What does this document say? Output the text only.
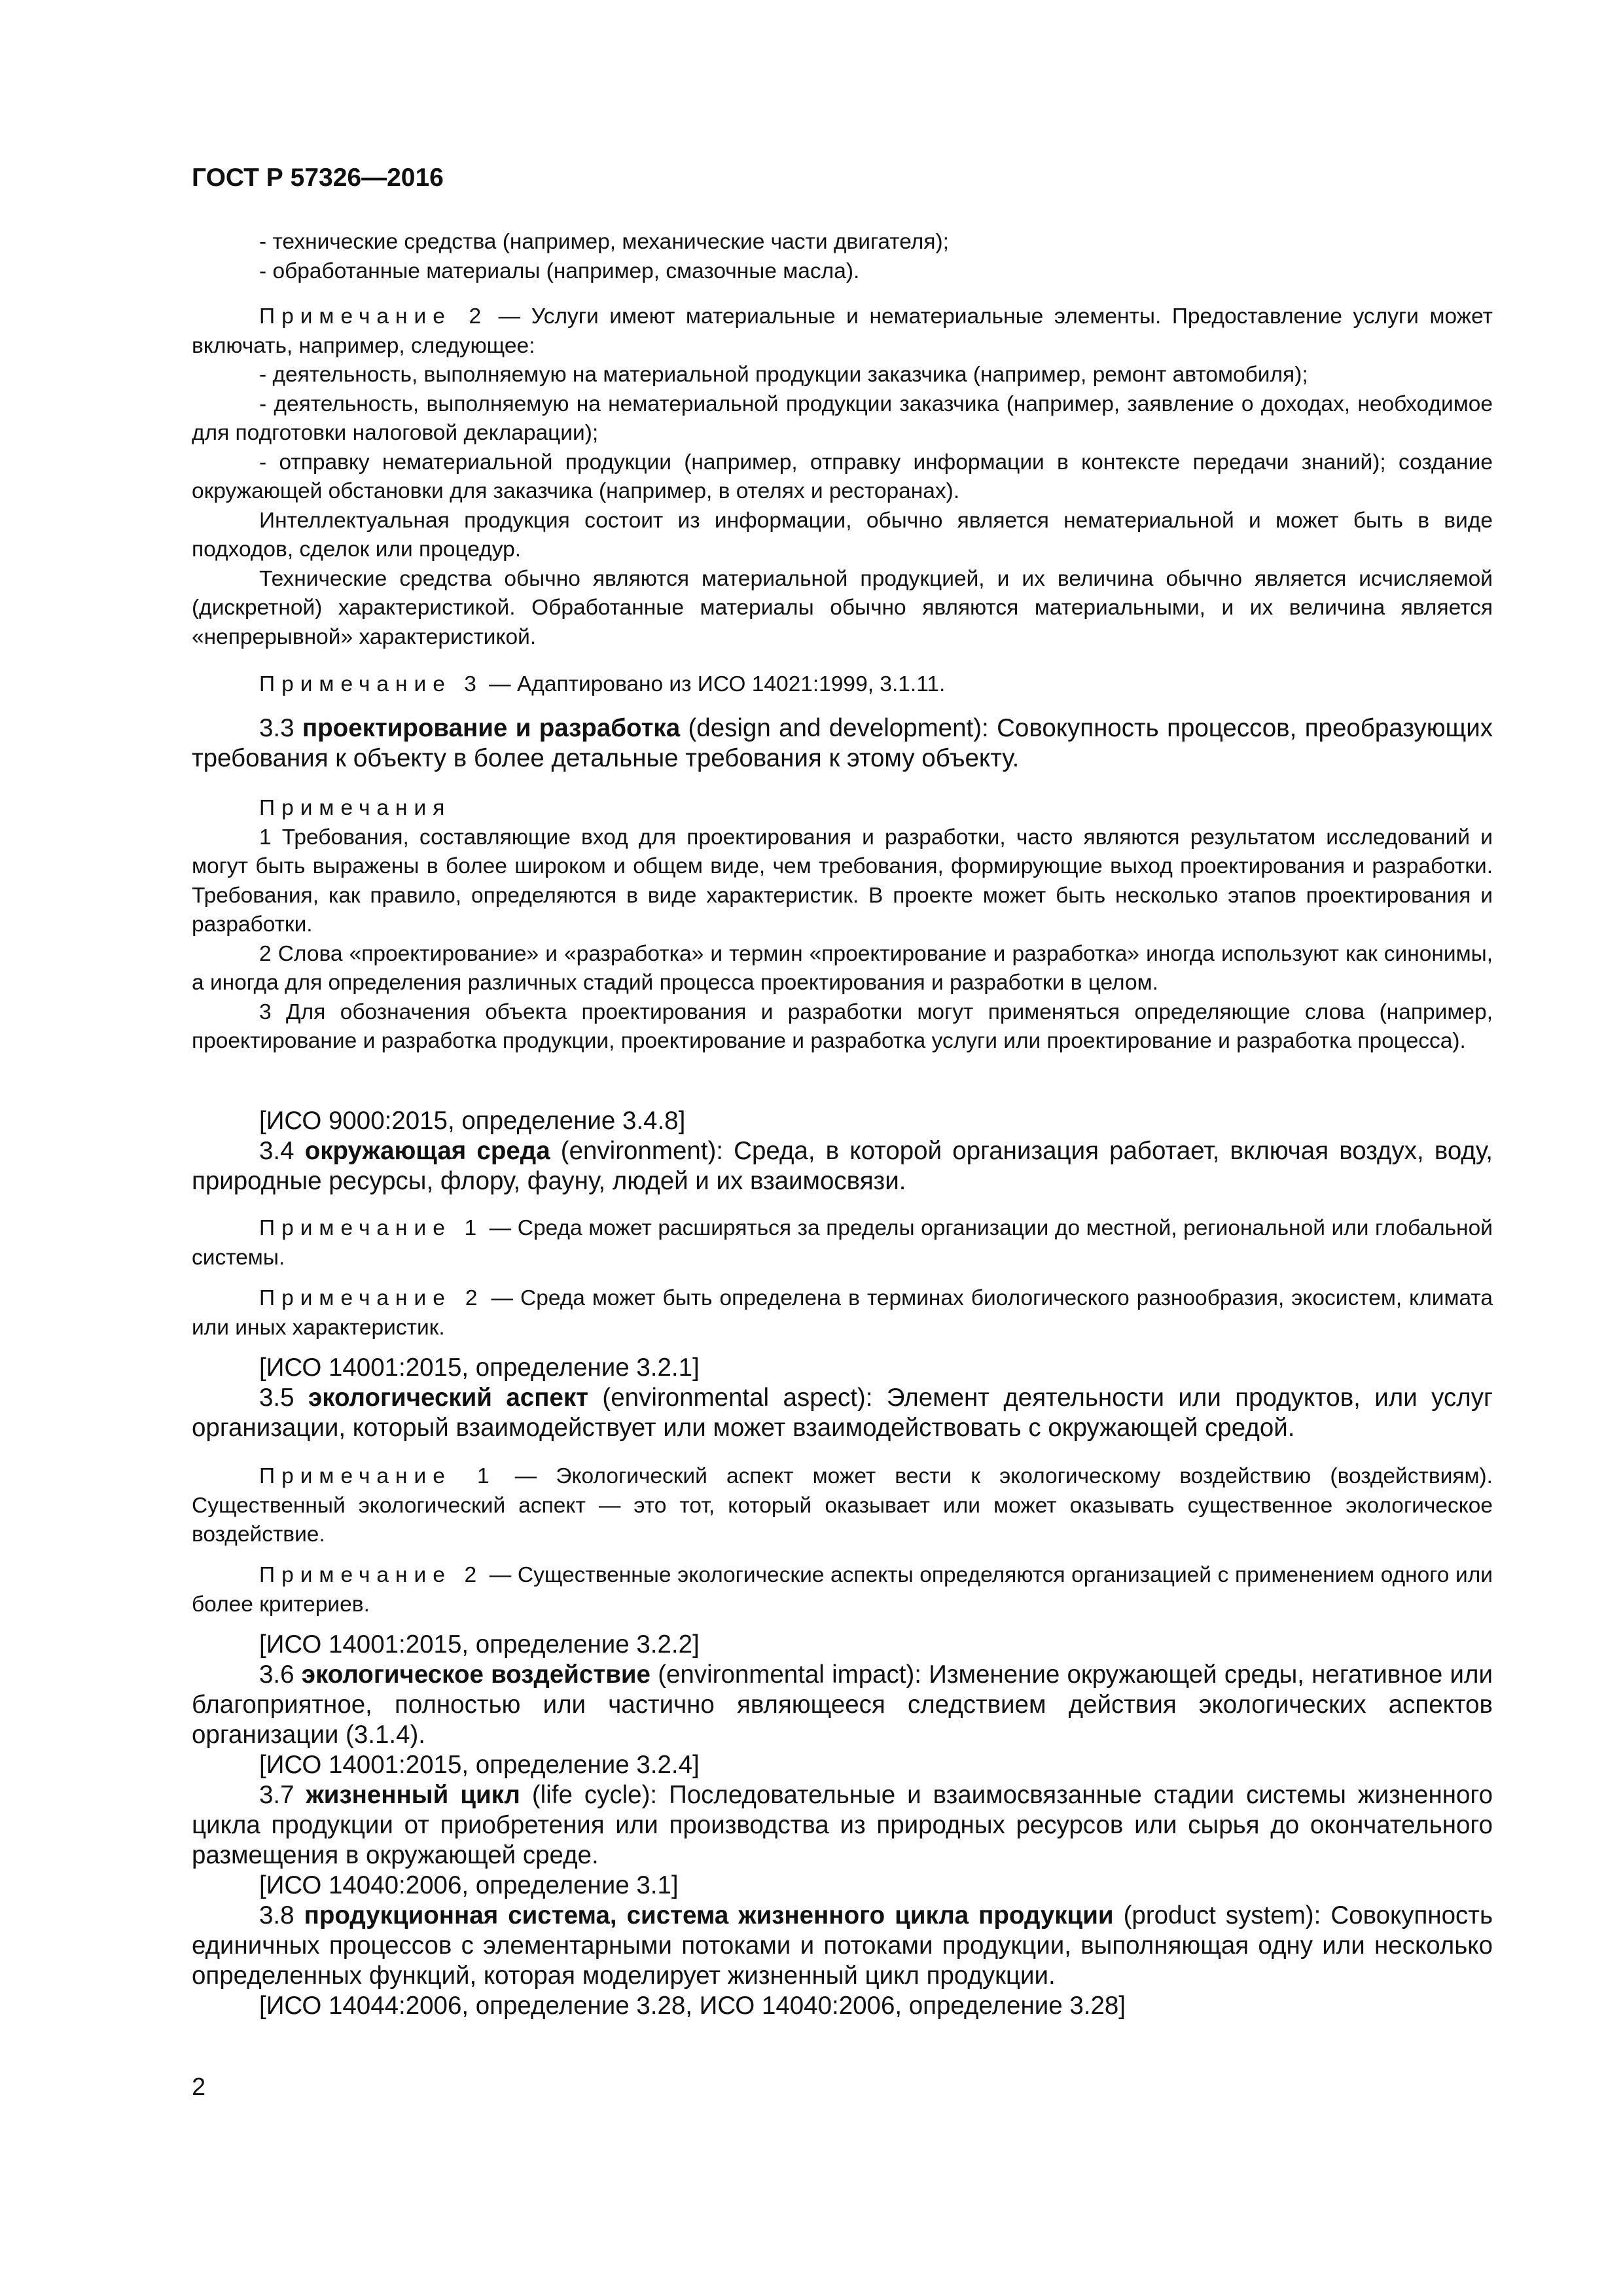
ГОСТ Р 57326—2016

- технические средства (например, механические части двигателя);

- обработанные материалы (например, смазочные масла).

Примечание 2 — Услуги имеют материальные и нематериальные элементы. Предоставление услуги может включать, например, следующее:

- деятельность, выполняемую на материальной продукции заказчика (например, ремонт автомобиля);

- деятельность, выполняемую на нематериальной продукции заказчика (например, заявление о доходах, необходимое для подготовки налоговой декларации);

- отправку нематериальной продукции (например, отправку информации в контексте передачи знаний); создание окружающей обстановки для заказчика (например, в отелях и ресторанах).

Интеллектуальная продукция состоит из информации, обычно является нематериальной и может быть в виде подходов, сделок или процедур.

Технические средства обычно являются материальной продукцией, и их величина обычно является исчисляемой (дискретной) характеристикой. Обработанные материалы обычно являются материальными, и их величина является «непрерывной» характеристикой.

Примечание 3 — Адаптировано из ИСО 14021:1999, 3.1.11.

3.3 проектирование и разработка (design and development): Совокупность процессов, преобразующих требования к объекту в более детальные требования к этому объекту.

Примечания

1 Требования, составляющие вход для проектирования и разработки, часто являются результатом исследований и могут быть выражены в более широком и общем виде, чем требования, формирующие выход проектирования и разработки. Требования, как правило, определяются в виде характеристик. В проекте может быть несколько этапов проектирования и разработки.

2 Слова «проектирование» и «разработка» и термин «проектирование и разработка» иногда используют как синонимы, а иногда для определения различных стадий процесса проектирования и разработки в целом.

3 Для обозначения объекта проектирования и разработки могут применяться определяющие слова (например, проектирование и разработка продукции, проектирование и разработка услуги или проектирование и разработка процесса).

[ИСО 9000:2015, определение 3.4.8]

3.4 окружающая среда (environment): Среда, в которой организация работает, включая воздух, воду, природные ресурсы, флору, фауну, людей и их взаимосвязи.

Примечание 1 — Среда может расширяться за пределы организации до местной, региональной или глобальной системы.

Примечание 2 — Среда может быть определена в терминах биологического разнообразия, экосистем, климата или иных характеристик.

[ИСО 14001:2015, определение 3.2.1]

3.5 экологический аспект (environmental aspect): Элемент деятельности или продуктов, или услуг организации, который взаимодействует или может взаимодействовать с окружающей средой.

Примечание 1 — Экологический аспект может вести к экологическому воздействию (воздействиям). Существенный экологический аспект — это тот, который оказывает или может оказывать существенное экологическое воздействие.

Примечание 2 — Существенные экологические аспекты определяются организацией с применением одного или более критериев.

[ИСО 14001:2015, определение 3.2.2]

3.6 экологическое воздействие (environmental impact): Изменение окружающей среды, негативное или благоприятное, полностью или частично являющееся следствием действия экологических аспектов организации (3.1.4).

[ИСО 14001:2015, определение 3.2.4]

3.7 жизненный цикл (life cycle): Последовательные и взаимосвязанные стадии системы жизненного цикла продукции от приобретения или производства из природных ресурсов или сырья до окончательного размещения в окружающей среде.

[ИСО 14040:2006, определение 3.1]

3.8 продукционная система, система жизненного цикла продукции (product system): Совокупность единичных процессов с элементарными потоками и потоками продукции, выполняющая одну или несколько определенных функций, которая моделирует жизненный цикл продукции.

[ИСО 14044:2006, определение 3.28, ИСО 14040:2006, определение 3.28]

2
